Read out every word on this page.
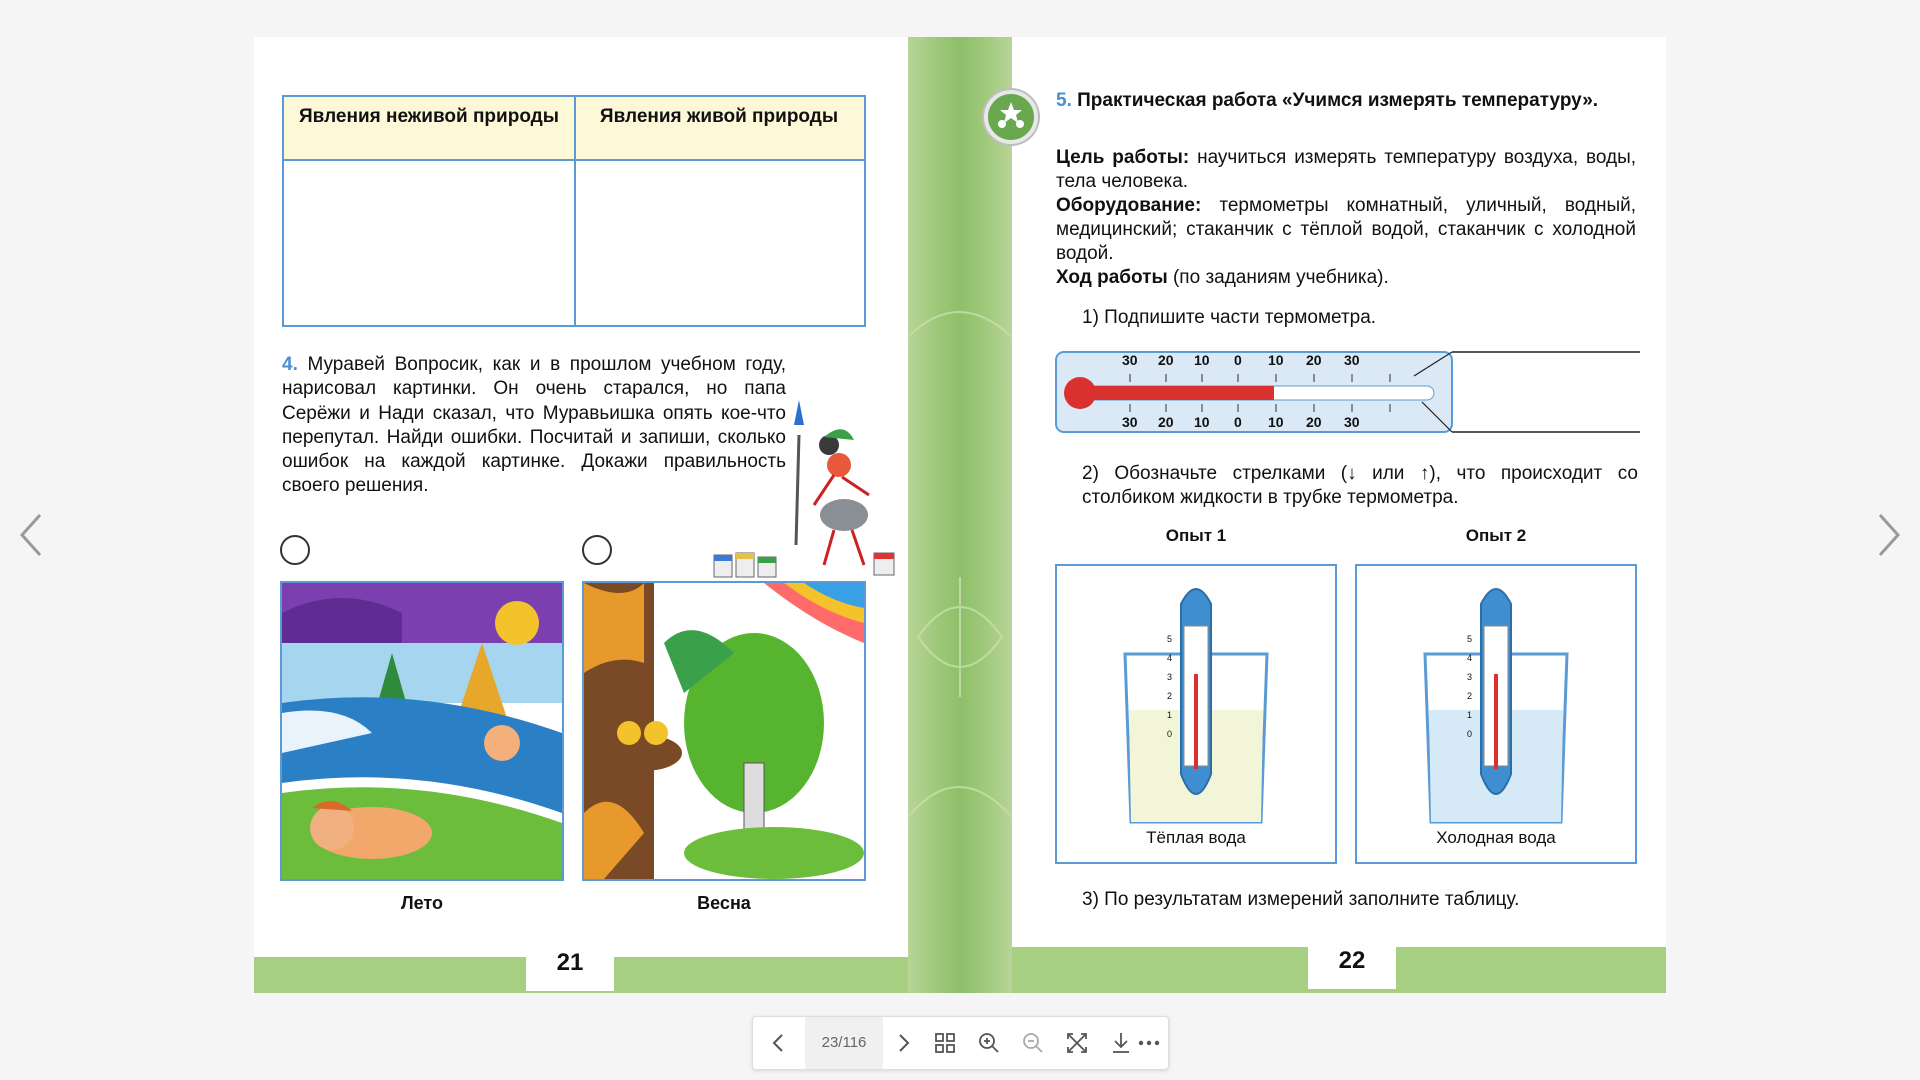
Явления неживой природы	Явления живой природы
4. Муравей Вопросик, как и в прошлом учебном году, нарисовал картинки. Он очень старался, но папа Серёжи и Нади сказал, что Муравьишка опять кое-что перепутал. Найди ошибки. Посчитай и запиши, сколько ошибок на каждой картинке. Докажи правильность своего решения.
Лето	Весна
21	22
5. Практическая работа «Учимся измерять температуру».
Цель работы: научиться измерять температуру воздуха, воды, тела человека.
Оборудование: термометры комнатный, уличный, водный, медицинский; стаканчик с тёплой водой, стаканчик с холодной водой.
Ход работы (по заданиям учебника).
1) Подпишите части термометра.
30 20 10 0 10 20 30
30 20 10 0 10 20 30
2) Обозначьте стрелками (↓ или ↑), что происходит со столбиком жидкости в трубке термометра.
Опыт 1	Опыт 2
5
4
3
2
1
0
Тёплая вода
5
4
3
2
1
0
Холодная вода
3) По результатам измерений заполните таблицу.
23/116
